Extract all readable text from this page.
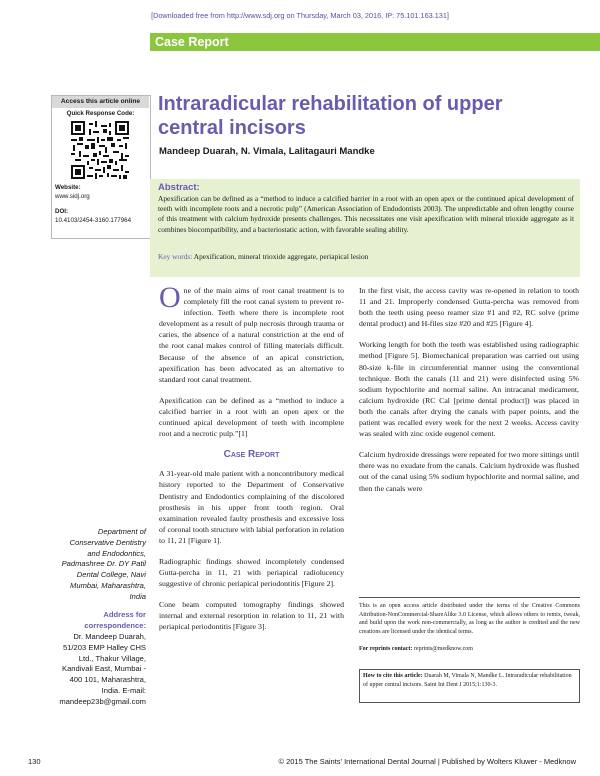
[Downloaded free from http://www.sdj.org on Thursday, March 03, 2016, IP: 75.101.163.131]
Case Report
Access this article online
Quick Response Code:
Website:
www.sidj.org
DOI:
10.4103/2454-3160.177964
Intraradicular rehabilitation of upper central incisors
Mandeep Duarah, N. Vimala, Lalitagauri Mandke
Abstract:
Apexification can be defined as a “method to induce a calcified barrier in a root with an open apex or the continued apical development of teeth with incomplete roots and a necrotic pulp” (American Association of Endodontists 2003). The unpredictable and often lengthy course of this treatment with calcium hydroxide presents challenges. This necessitates one visit apexification with mineral trioxide aggregate as it combines biocompatibility, and a bacteriostatic action, with favorable sealing ability.
Key words: Apexification, mineral trioxide aggregate, periapical lesion

One of the main aims of root canal treatment is to completely fill the root canal system to prevent re-infection. Teeth where there is incomplete root development as a result of pulp necrosis through trauma or caries, the absence of a natural constriction at the end of the root canal makes control of filling materials difficult. Because of the absence of an apical constriction, apexification has been advocated as an alternative to standard root canal treatment.

Apexification can be defined as a “method to induce a calcified barrier in a root with an open apex or the continued apical development of teeth with incomplete root and a necrotic pulp.”[1]

Case Report

A 31-year-old male patient with a noncontributory medical history reported to the Department of Conservative Dentistry and Endodontics complaining of the discolored prosthesis in his upper front tooth region. Oral examination revealed faulty prosthesis and excessive loss of coronal tooth structure with labial perforation in relation to 11, 21 [Figure 1].

Radiographic findings showed incompletely condensed Gutta-percha in 11, 21 with periapical radiolucency suggestive of chronic periapical periodontitis [Figure 2].

Cone beam computed tomography findings showed internal and external resorption in relation to 11, 21 with periapical periodontitis [Figure 3].

In the first visit, the access cavity was re-opened in relation to tooth 11 and 21. Improperly condensed Gutta-percha was removed from both the teeth using peeso reamer size #1 and #2, RC solve (prime dental product) and H-files size #20 and #25 [Figure 4].

Working length for both the teeth was established using radiographic method [Figure 5]. Biomechanical preparation was carried out using 80-size k-file in circumferential manner using the conventional technique. Both the canals (11 and 21) were disinfected using 5% sodium hypochlorite and normal saline. An intracanal medicament, calcium hydroxide (RC Cal [prime dental product]) was placed in both the canals after drying the canals with paper points, and the patient was recalled every week for the next 2 weeks. Access cavity was sealed with zinc oxide eugenol cement.

Calcium hydroxide dressings were repeated for two more sittings until there was no exudate from the canals. Calcium hydroxide was flushed out of the canal using 5% sodium hypochlorite and normal saline, and then the canals were

Department of Conservative Dentistry and Endodontics, Padmashree Dr. DY Patil Dental College, Navi Mumbai, Maharashtra, India
Address for correspondence:
Dr. Mandeep Duarah, 51/203 EMP Halley CHS Ltd., Thakur Village, Kandivali East, Mumbai - 400 101, Maharashtra, India. E-mail: mandeep23b@gmail.com
This is an open access article distributed under the terms of the Creative Commons Attribution-NonCommercial-ShareAlike 3.0 License, which allows others to remix, tweak, and build upon the work non-commercially, as long as the author is credited and the new creations are licensed under the identical terms.
For reprints contact: reprints@medknow.com
How to cite this article: Duarah M, Vimala N, Mandke L. Intraradicular rehabilitation of upper central incisors. Saint Int Dent J 2015;1:130-3.
130	© 2015 The Saints' International Dental Journal | Published by Wolters Kluwer - Medknow
